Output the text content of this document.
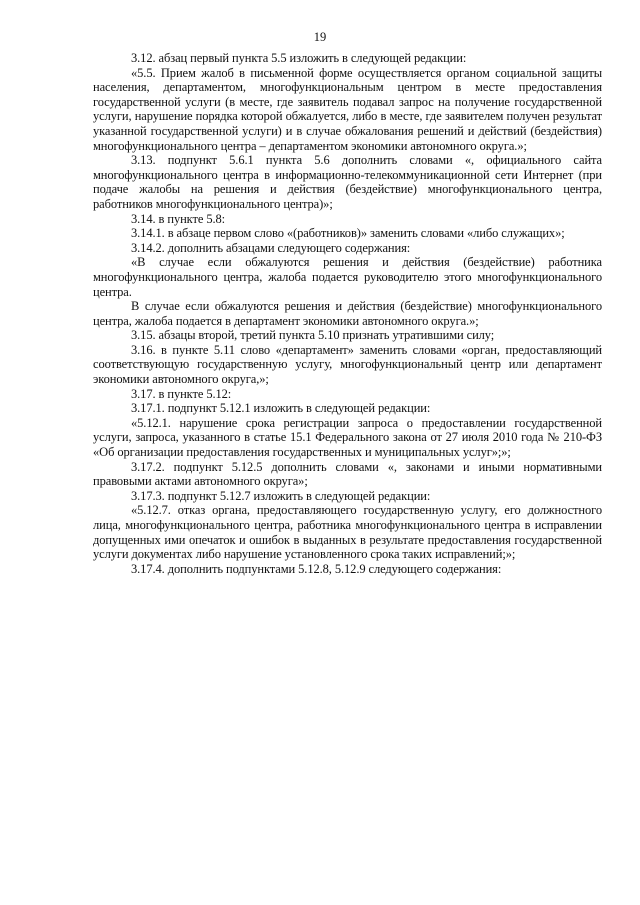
19

3.12. абзац первый пункта 5.5 изложить в следующей редакции:

«5.5. Прием жалоб в письменной форме осуществляется органом социальной защиты населения, департаментом, многофункциональным центром в месте предоставления государственной услуги (в месте, где заявитель подавал запрос на получение государственной услуги, нарушение порядка которой обжалуется, либо в месте, где заявителем получен результат указанной государственной услуги) и в случае обжалования решений и действий (бездействия) многофункционального центра – департаментом экономики автономного округа.»;

3.13. подпункт 5.6.1 пункта 5.6 дополнить словами «, официального сайта многофункционального центра в информационно-телекоммуникационной сети Интернет (при подаче жалобы на решения и действия (бездействие) многофункционального центра, работников многофункционального центра)»;

3.14. в пункте 5.8:

3.14.1. в абзаце первом слово «(работников)» заменить словами «либо служащих»;

3.14.2. дополнить абзацами следующего содержания:

«В случае если обжалуются решения и действия (бездействие) работника многофункционального центра, жалоба подается руководителю этого многофункционального центра.

В случае если обжалуются решения и действия (бездействие) многофункционального центра, жалоба подается в департамент экономики автономного округа.»;

3.15. абзацы второй, третий пункта 5.10 признать утратившими силу;

3.16. в пункте 5.11 слово «департамент» заменить словами «орган, предоставляющий соответствующую государственную услугу, многофункциональный центр или департамент экономики автономного округа,»;

3.17. в пункте 5.12:

3.17.1. подпункт 5.12.1 изложить в следующей редакции:

«5.12.1. нарушение срока регистрации запроса о предоставлении государственной услуги, запроса, указанного в статье 15.1 Федерального закона от 27 июля 2010 года № 210-ФЗ «Об организации предоставления государственных и муниципальных услуг»;»;

3.17.2. подпункт 5.12.5 дополнить словами «, законами и иными нормативными правовыми актами автономного округа»;

3.17.3. подпункт 5.12.7 изложить в следующей редакции:

«5.12.7. отказ органа, предоставляющего государственную услугу, его должностного лица, многофункционального центра, работника многофункционального центра в исправлении допущенных ими опечаток и ошибок в выданных в результате предоставления государственной услуги документах либо нарушение установленного срока таких исправлений;»;

3.17.4. дополнить подпунктами 5.12.8, 5.12.9 следующего содержания:
